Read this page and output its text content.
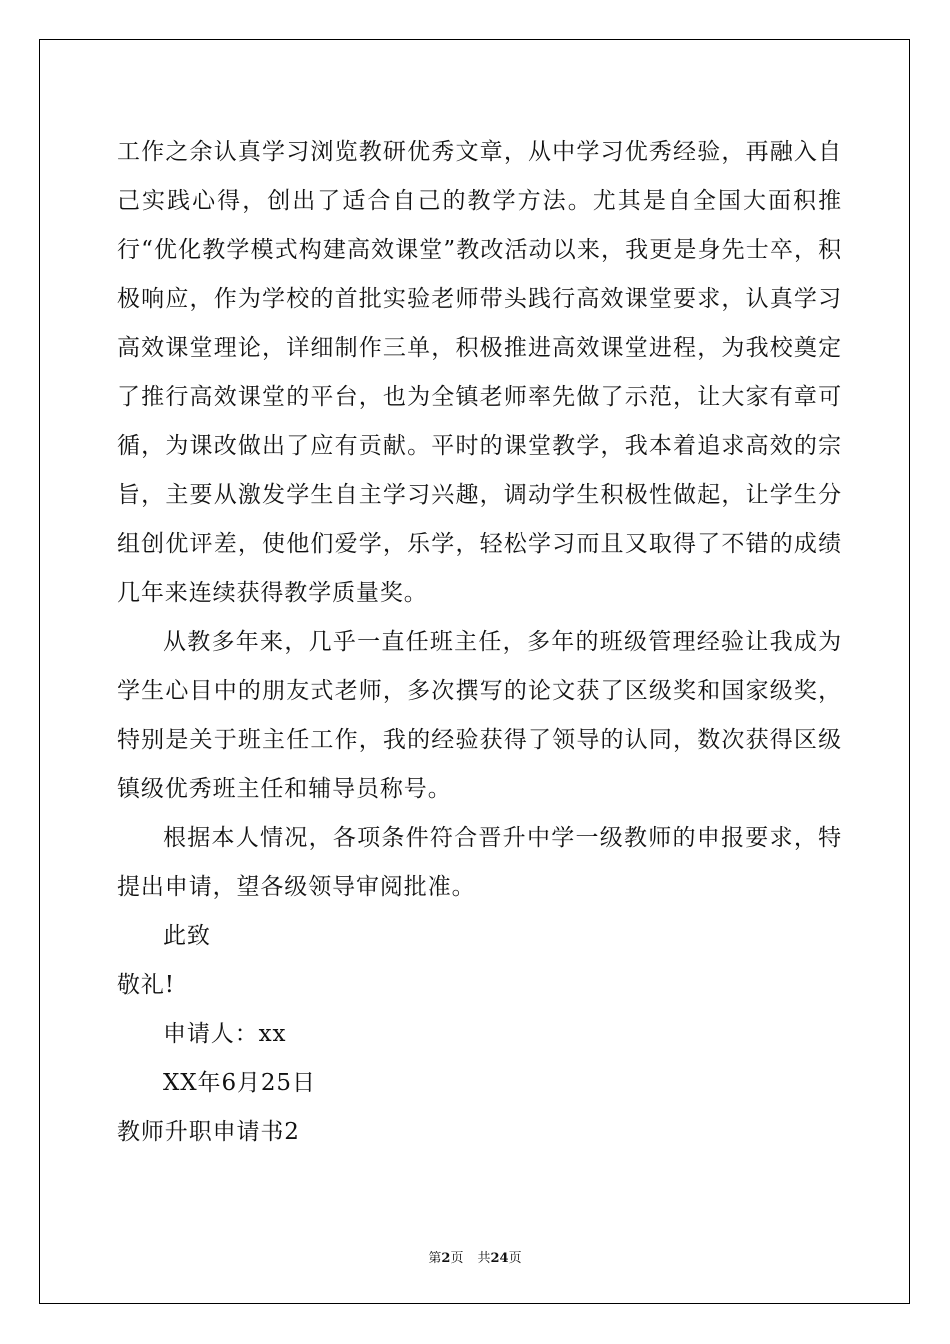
工作之余认真学习浏览教研优秀文章，从中学习优秀经验，再融入自己实践心得，创出了适合自己的教学方法。尤其是自全国大面积推行“优化教学模式构建高效课堂”教改活动以来，我更是身先士卒，积极响应，作为学校的首批实验老师带头践行高效课堂要求，认真学习高效课堂理论，详细制作三单，积极推进高效课堂进程，为我校奠定了推行高效课堂的平台，也为全镇老师率先做了示范，让大家有章可循，为课改做出了应有贡献。平时的课堂教学，我本着追求高效的宗旨，主要从激发学生自主学习兴趣，调动学生积极性做起，让学生分组创优评差，使他们爱学，乐学，轻松学习而且又取得了不错的成绩几年来连续获得教学质量奖。

从教多年来，几乎一直任班主任，多年的班级管理经验让我成为学生心目中的朋友式老师，多次撰写的论文获了区级奖和国家级奖，特别是关于班主任工作，我的经验获得了领导的认同，数次获得区级镇级优秀班主任和辅导员称号。

根据本人情况，各项条件符合晋升中学一级教师的申报要求，特提出申请，望各级领导审阅批准。

此致

敬礼!

申请人：xx

XX年6月25日

教师升职申请书2

第2页 共24页
